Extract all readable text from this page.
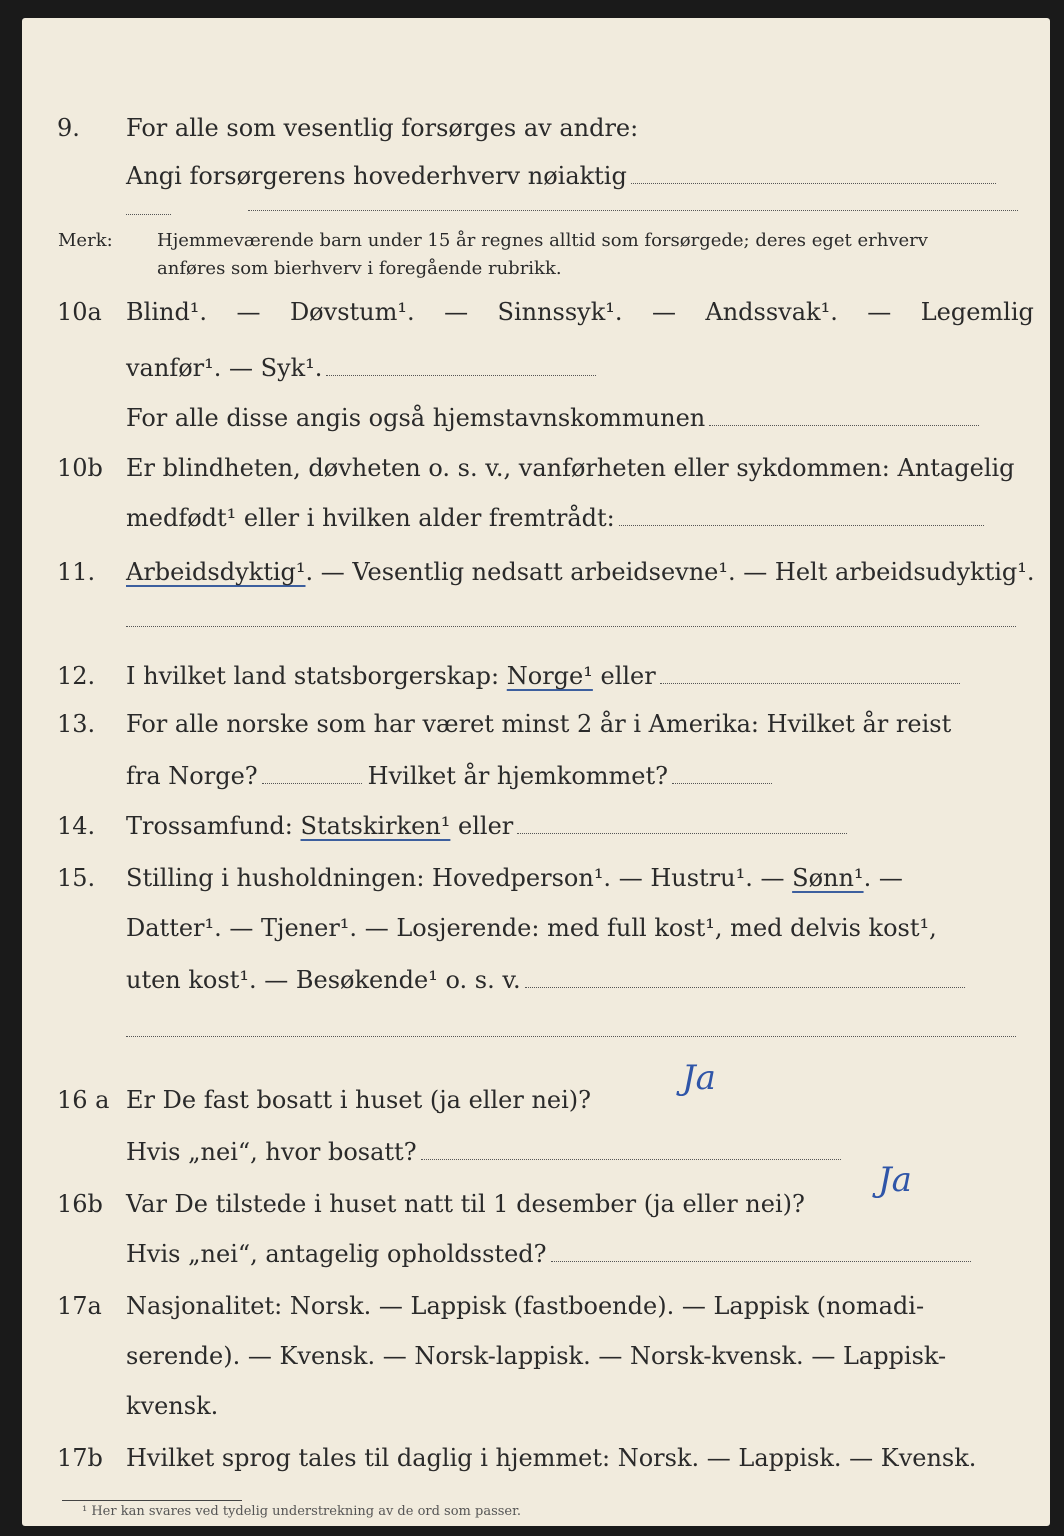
9. For alle som vesentlig forsørges av andre:
Angi forsørgerens hovederhverv nøiaktig
Merk: Hjemmeværende barn under 15 år regnes alltid som forsørgede; deres eget erhverv
anføres som bierhverv i foregående rubrikk.
10a Blind¹. — Døvstum¹. — Sinnssyk¹. — Andssvak¹. — Legemlig
vanfør¹. — Syk¹.
For alle disse angis også hjemstavnskommunen
10b Er blindheten, døvheten o. s. v., vanførheten eller sykdommen: Antagelig
medfødt¹ eller i hvilken alder fremtrådt:
11. Arbeidsdyktig¹. — Vesentlig nedsatt arbeidsevne¹. — Helt arbeidsudyktig¹.
12. I hvilket land statsborgerskap: Norge¹ eller
13. For alle norske som har været minst 2 år i Amerika: Hvilket år reist
fra Norge?	Hvilket år hjemkommet?
14. Trossamfund: Statskirken¹ eller
15. Stilling i husholdningen: Hovedperson¹. — Hustru¹. — Sønn¹. —
Datter¹. — Tjener¹. — Losjerende: med full kost¹, med delvis kost¹,
uten kost¹. — Besøkende¹ o. s. v.
16 a Er De fast bosatt i huset (ja eller nei)?
Ja
Hvis „nei“, hvor bosatt?
16b Var De tilstede i huset natt til 1 desember (ja eller nei)?
Ja
Hvis „nei“, antagelig opholdssted?
17a Nasjonalitet: Norsk. — Lappisk (fastboende). — Lappisk (nomadi-
serende). — Kvensk. — Norsk-lappisk. — Norsk-kvensk. — Lappisk-
kvensk.
17b Hvilket sprog tales til daglig i hjemmet: Norsk. — Lappisk. — Kvensk.
¹ Her kan svares ved tydelig understrekning av de ord som passer.
